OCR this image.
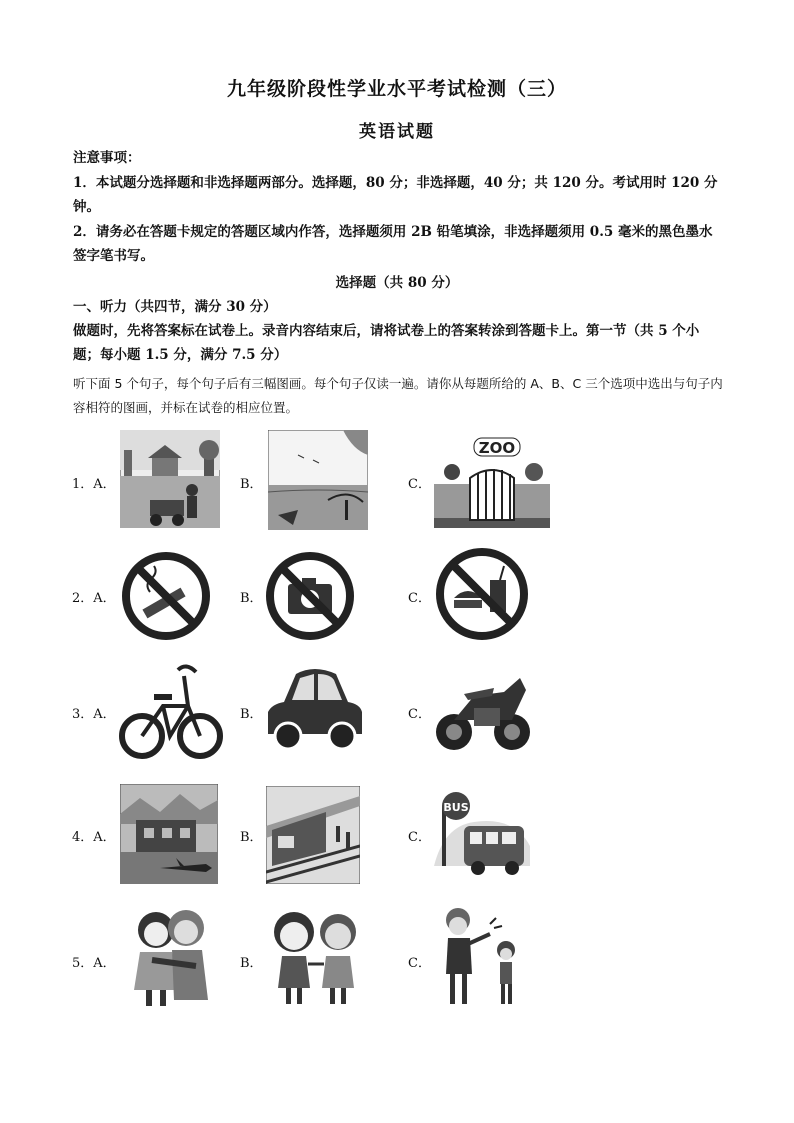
九年级阶段性学业水平考试检测（三）
英语试题
注意事项：
1．本试题分选择题和非选择题两部分。选择题，80 分；非选择题，40 分；共 120 分。考试用时 120 分钟。
2．请务必在答题卡规定的答题区域内作答，选择题须用 2B 铅笔填涂，非选择题须用 0.5 毫米的黑色墨水签字笔书写。
选择题（共 80 分）
一、听力（共四节，满分 30 分）
做题时，先将答案标在试卷上。录音内容结束后，请将试卷上的答案转涂到答题卡上。第一节（共 5 个小题；每小题 1.5 分，满分 7.5 分）
听下面 5 个句子，每个句子后有三幅图画。每个句子仅读一遍。请你从每题所给的 A、B、C 三个选项中选出与句子内容相符的图画，并标在试卷的相应位置。
1．A．	B．	C．
ZOO
2．A．	B．	C．
3．A．	B．	C．
4．A．	B．	C．
BUS
5．A．	B．	C．
